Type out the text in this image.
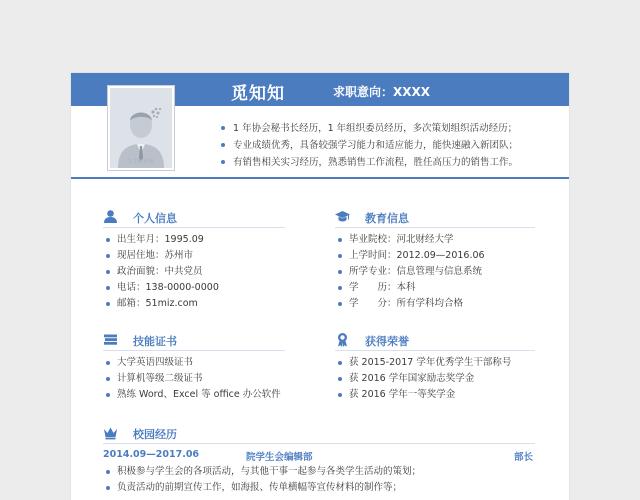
觅知知	求职意向：XXXX
1寸职业照
1 年协会秘书长经历，1 年组织委员经历，多次策划组织活动经历；
专业成绩优秀，具备较强学习能力和适应能力，能快速融入新团队；
有销售相关实习经历，熟悉销售工作流程，胜任高压力的销售工作。
个人信息
出生年月：1995.09
现居住地：苏州市
政治面貌：中共党员
电话：138-0000-0000
邮箱：51miz.com
教育信息
毕业院校：河北财经大学
上学时间：2012.09—2016.06
所学专业：信息管理与信息系统
学　　历：本科
学　　分：所有学科均合格
技能证书
大学英语四级证书
计算机等级二级证书
熟练 Word、Excel 等 office 办公软件
获得荣誉
获 2015-2017 学年优秀学生干部称号
获 2016 学年国家励志奖学金
获 2016 学年一等奖学金
校园经历
2014.09—2017.06	院学生会编辑部	部长
积极参与学生会的各项活动，与其他干事一起参与各类学生活动的策划；
负责活动的前期宣传工作，如海报、传单横幅等宣传材料的制作等；
